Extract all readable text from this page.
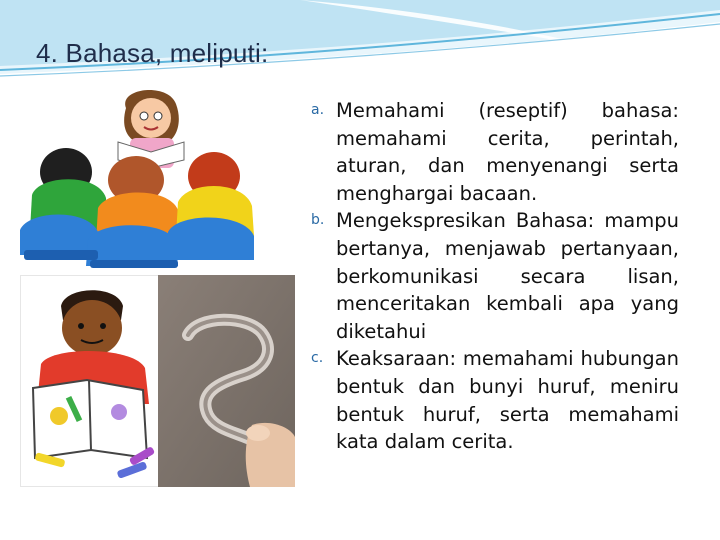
4. Bahasa, meliputi:
a. Memahami (reseptif) bahasa: memahami cerita, perintah, aturan, dan menyenangi serta menghargai bacaan.
b. Mengekspresikan Bahasa: mampu bertanya, menjawab pertanyaan, berkomunikasi secara lisan, menceritakan kembali apa yang diketahui
c. Keaksaraan: memahami hubungan bentuk dan bunyi huruf, meniru bentuk huruf, serta memahami kata dalam cerita.
